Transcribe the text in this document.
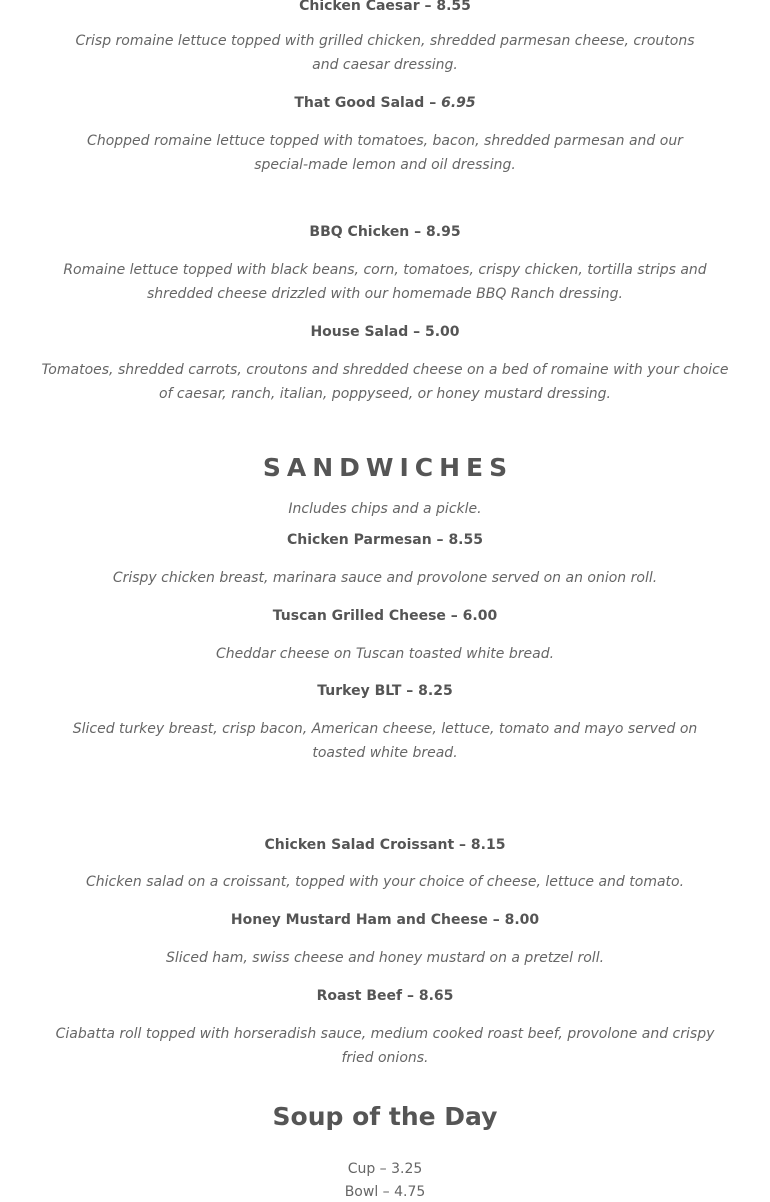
Chicken Caesar – 8.55
Crisp romaine lettuce topped with grilled chicken, shredded parmesan cheese, croutons
and caesar dressing.
That Good Salad – 6.95
Chopped romaine lettuce topped with tomatoes, bacon, shredded parmesan and our
special-made lemon and oil dressing.
BBQ Chicken – 8.95
Romaine lettuce topped with black beans, corn, tomatoes, crispy chicken, tortilla strips and
shredded cheese drizzled with our homemade BBQ Ranch dressing.
House Salad – 5.00
Tomatoes, shredded carrots, croutons and shredded cheese on a bed of romaine with your choice
of caesar, ranch, italian, poppyseed, or honey mustard dressing.
SANDWICHES
Includes chips and a pickle.
Chicken Parmesan – 8.55
Crispy chicken breast, marinara sauce and provolone served on an onion roll.
Tuscan Grilled Cheese – 6.00
Cheddar cheese on Tuscan toasted white bread.
Turkey BLT – 8.25
Sliced turkey breast, crisp bacon, American cheese, lettuce, tomato and mayo served on
toasted white bread.
Chicken Salad Croissant – 8.15
Chicken salad on a croissant, topped with your choice of cheese, lettuce and tomato.
Honey Mustard Ham and Cheese – 8.00
Sliced ham, swiss cheese and honey mustard on a pretzel roll.
Roast Beef – 8.65
Ciabatta roll topped with horseradish sauce, medium cooked roast beef, provolone and crispy
fried onions.
Soup of the Day
Cup – 3.25
Bowl – 4.75
